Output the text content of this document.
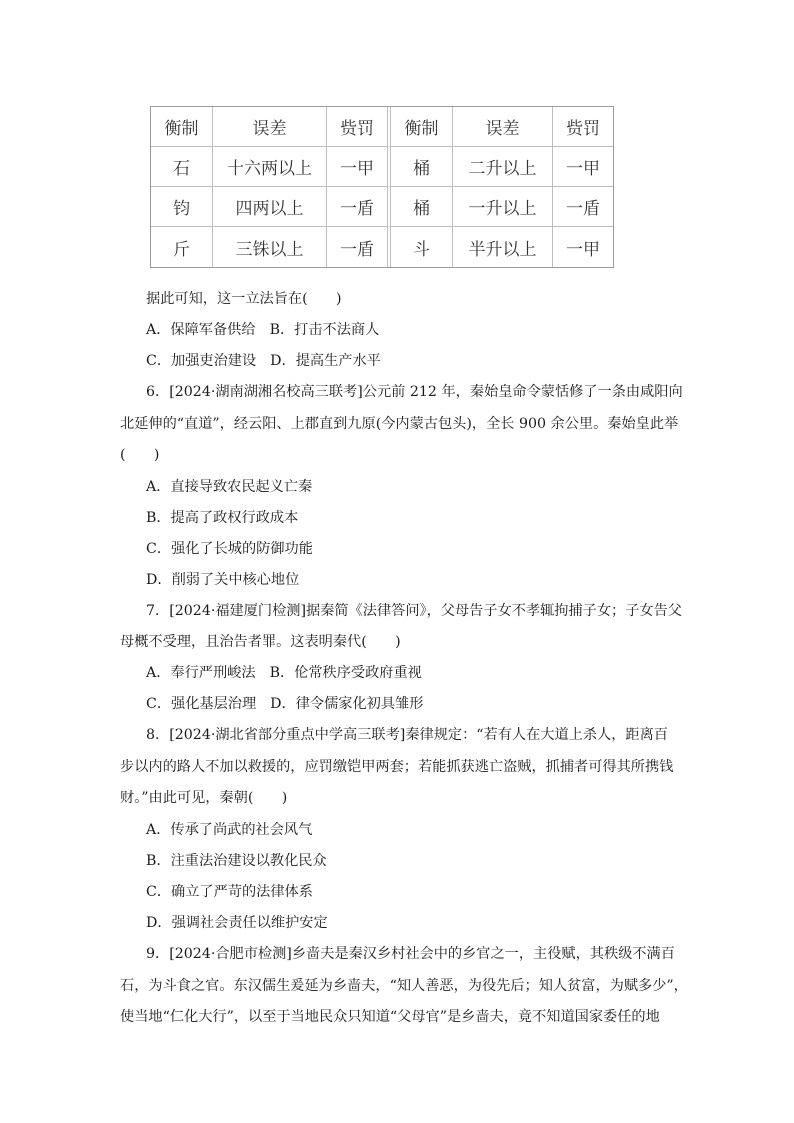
衡制	误差	赀罚	衡制	误差	赀罚
石	十六两以上	一甲	桶	二升以上	一甲
钧	四两以上	一盾	桶	一升以上	一盾
斤	三铢以上	一盾	斗	半升以上	一甲
据此可知，这一立法旨在(　　)
A．保障军备供给 B．打击不法商人
C．加强吏治建设 D．提高生产水平
6．[2024·湖南湖湘名校高三联考]公元前 212 年，秦始皇命令蒙恬修了一条由咸阳向
北延伸的“直道”，经云阳、上郡直到九原(今内蒙古包头)，全长 900 余公里。秦始皇此举
(　　)
A．直接导致农民起义亡秦
B．提高了政权行政成本
C．强化了长城的防御功能
D．削弱了关中核心地位
7．[2024·福建厦门检测]据秦简《法律答问》，父母告子女不孝辄拘捕子女；子女告父
母概不受理，且治告者罪。这表明秦代(　　)
A．奉行严刑峻法 B．伦常秩序受政府重视
C．强化基层治理 D．律令儒家化初具雏形
8．[2024·湖北省部分重点中学高三联考]秦律规定：“若有人在大道上杀人，距离百
步以内的路人不加以救援的，应罚缴铠甲两套；若能抓获逃亡盗贼，抓捕者可得其所携钱
财。”由此可见，秦朝(　　)
A．传承了尚武的社会风气
B．注重法治建设以教化民众
C．确立了严苛的法律体系
D．强调社会责任以维护安定
9．[2024·合肥市检测]乡啬夫是秦汉乡村社会中的乡官之一，主役赋，其秩级不满百
石，为斗食之官。东汉儒生爰延为乡啬夫，“知人善恶，为役先后；知人贫富，为赋多少”，
使当地“仁化大行”，以至于当地民众只知道“父母官”是乡啬夫，竟不知道国家委任的地
